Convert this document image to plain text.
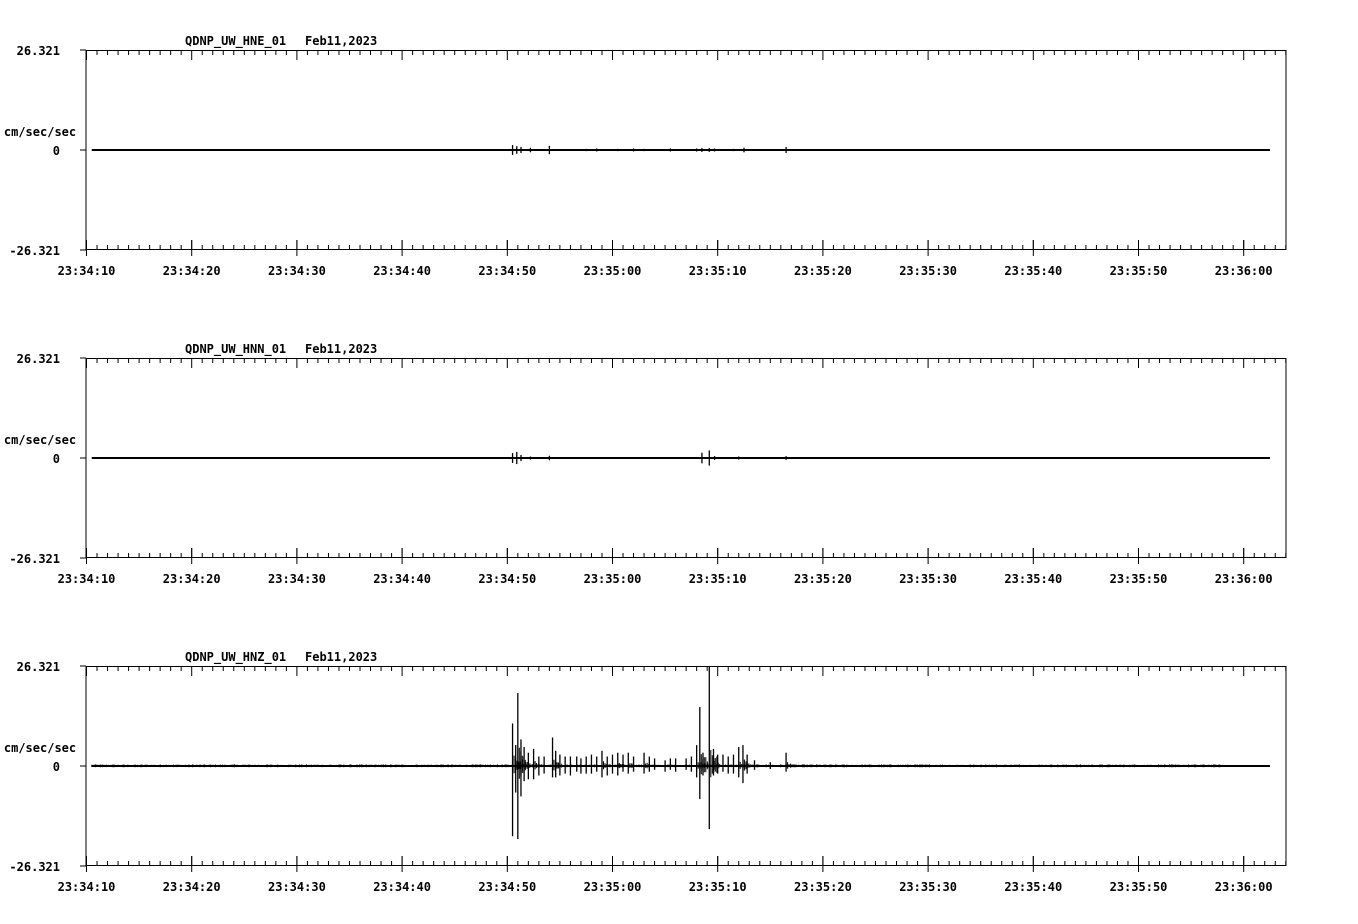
26.321
0
-26.321
cm/sec/sec
QDNP_UW_HNE_01 Feb11,2023
23:34:10	23:34:20	23:34:30	23:34:40	23:34:50	23:35:00	23:35:10	23:35:20	23:35:30	23:35:40	23:35:50	23:36:00
26.321
0
-26.321
cm/sec/sec
QDNP_UW_HNN_01 Feb11,2023
23:34:10	23:34:20	23:34:30	23:34:40	23:34:50	23:35:00	23:35:10	23:35:20	23:35:30	23:35:40	23:35:50	23:36:00
26.321
0
-26.321
cm/sec/sec
QDNP_UW_HNZ_01 Feb11,2023
23:34:10	23:34:20	23:34:30	23:34:40	23:34:50	23:35:00	23:35:10	23:35:20	23:35:30	23:35:40	23:35:50	23:36:00
